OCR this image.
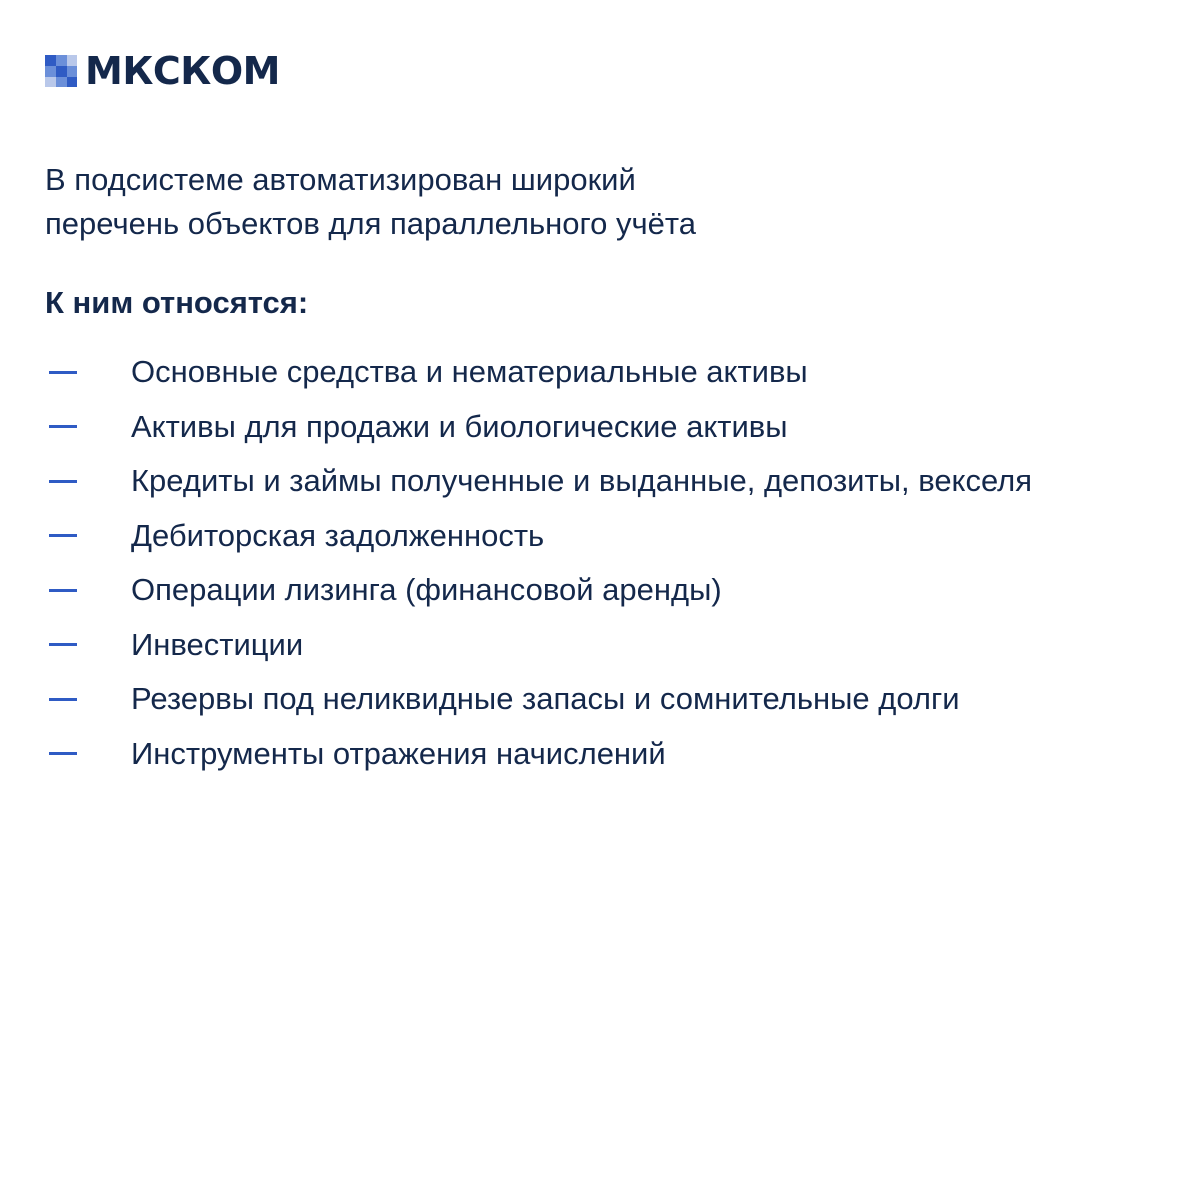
МКСКОМ

В подсистеме автоматизирован широкий
перечень объектов для параллельного учёта

К ним относятся:
Основные средства и нематериальные активы
Активы для продажи и биологические активы
Кредиты и займы полученные и выданные, депозиты, векселя
Дебиторская задолженность
Операции лизинга (финансовой аренды)
Инвестиции
Резервы под неликвидные запасы и сомнительные долги
Инструменты отражения начислений
